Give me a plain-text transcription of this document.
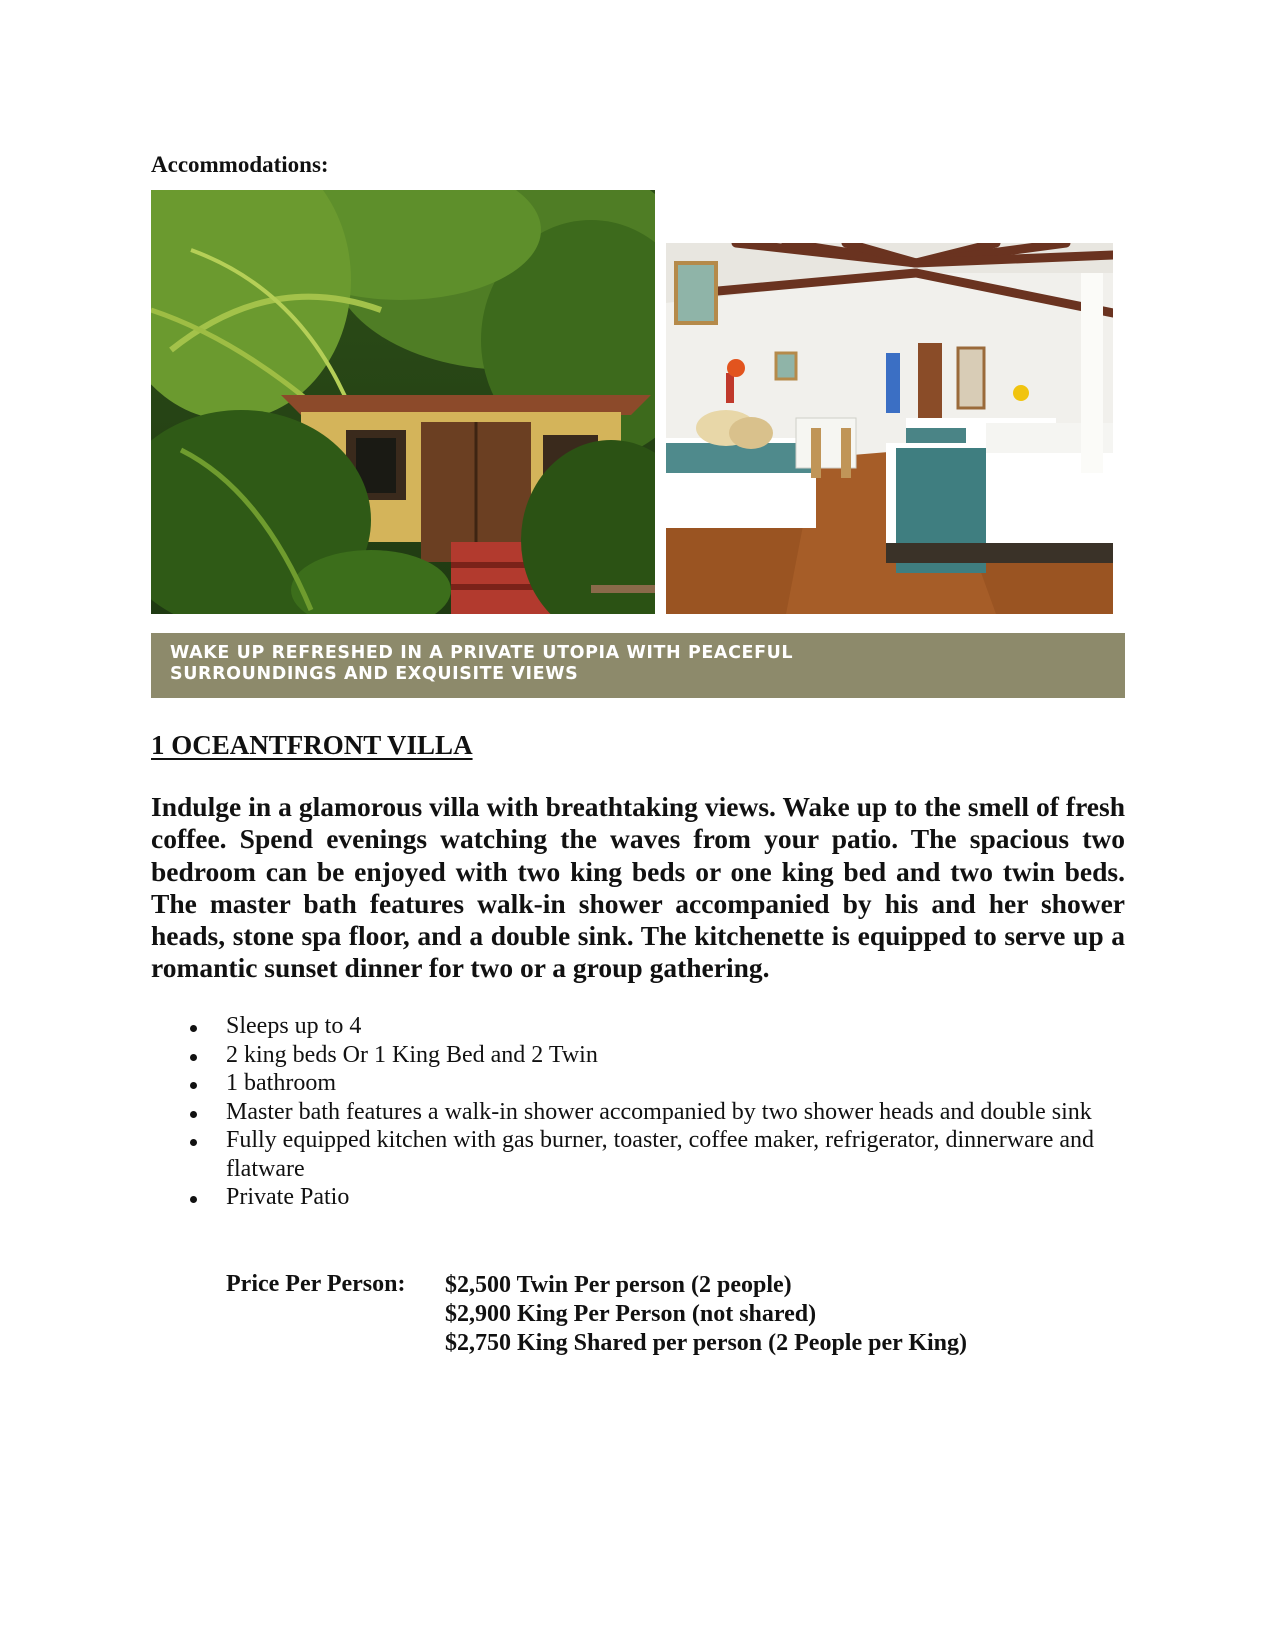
Accommodations:
WAKE UP REFRESHED IN A PRIVATE UTOPIA WITH PEACEFUL
SURROUNDINGS AND EXQUISITE VIEWS
1 OCEANTFRONT VILLA

Indulge in a glamorous villa with breathtaking views. Wake up to the smell of fresh coffee. Spend evenings watching the waves from your patio. The spacious two bedroom can be enjoyed with two king beds or one king bed and two twin beds. The master bath features walk-in shower accompanied by his and her shower heads, stone spa floor, and a double sink. The kitchenette is equipped to serve up a romantic sunset dinner for two or a group gathering.

Sleeps up to 4
2 king beds Or 1 King Bed and 2 Twin
1 bathroom
Master bath features a walk-in shower accompanied by two shower heads and double sink
Fully equipped kitchen with gas burner, toaster, coffee maker, refrigerator, dinnerware and flatware
Private Patio
Price Per Person: $2,500 Twin Per person (2 people)
$2,900 King Per Person (not shared)
$2,750 King Shared per person (2 People per King)
